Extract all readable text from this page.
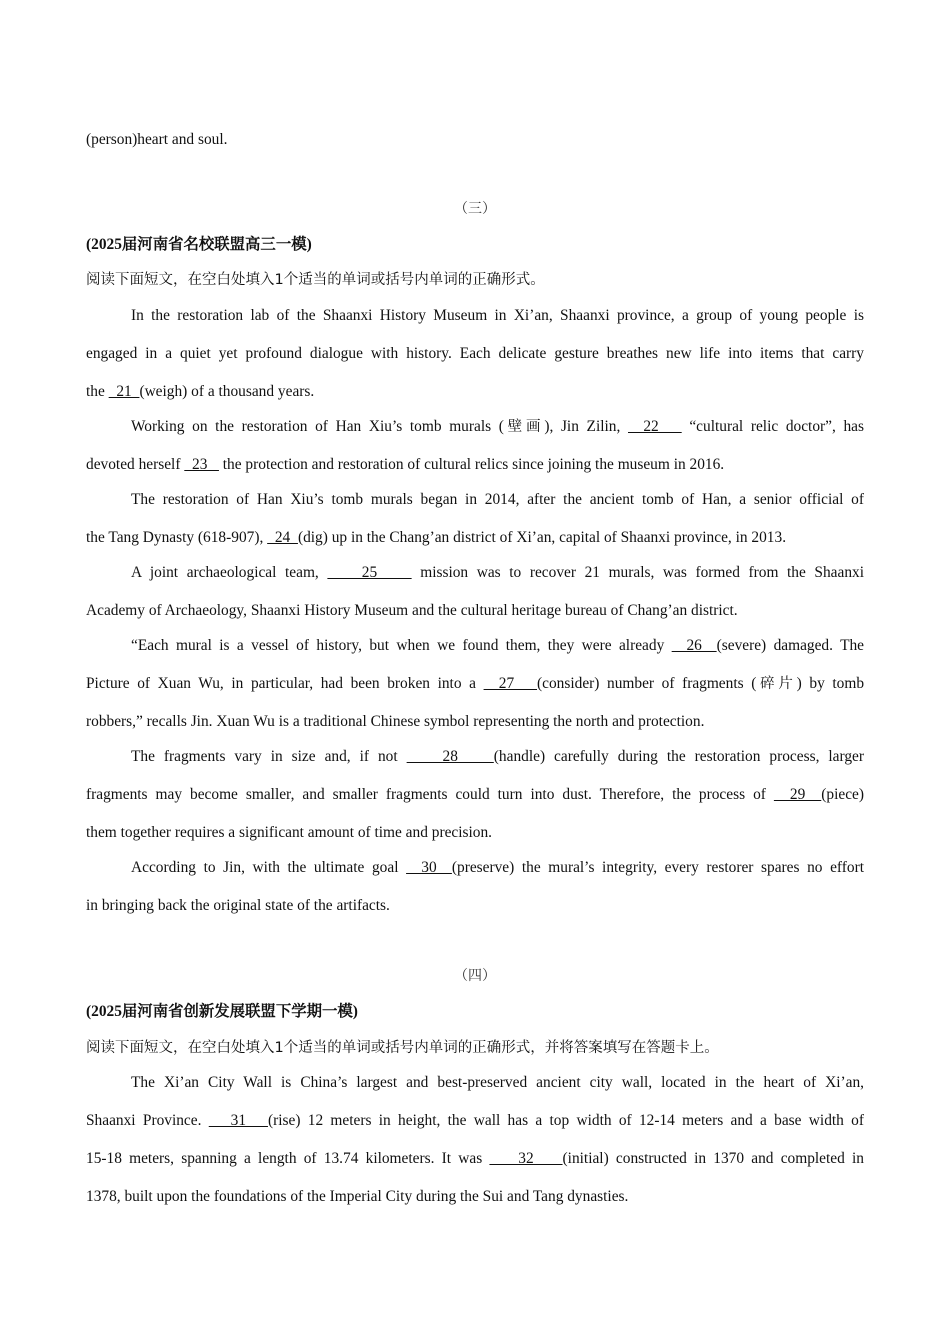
(person)heart and soul.
（三）
(2025届河南省名校联盟高三一模)
阅读下面短文，在空白处填入1个适当的单词或括号内单词的正确形式。
In the restoration lab of the Shaanxi History Museum in Xi’an, Shaanxi province, a group of young people is
engaged in a quiet yet profound dialogue with history. Each delicate gesture breathes new life into items that carry
the   21  (weigh) of a thousand years.
Working on the restoration of Han Xiu’s tomb murals (壁画), Jin Zilin,   22    “cultural relic doctor”, has
devoted herself   23    the protection and restoration of cultural relics since joining the museum in 2016.
The restoration of Han Xiu’s tomb murals began in 2014, after the ancient tomb of Han, a senior official of
the Tang Dynasty (618-907),   24  (dig) up in the Chang’an district of Xi’an, capital of Shaanxi province, in 2013.
A joint archaeological team,     25     mission was to recover 21 murals, was formed from the Shaanxi
Academy of Archaeology, Shaanxi History Museum and the cultural heritage bureau of Chang’an district.
“Each mural is a vessel of history, but when we found them, they were already   26  (severe) damaged. The
Picture of Xuan Wu, in particular, had been broken into a   27   (consider) number of fragments (碎片) by tomb
robbers,” recalls Jin. Xuan Wu is a traditional Chinese symbol representing the north and protection.
The fragments vary in size and, if not     28    (handle) carefully during the restoration process, larger
fragments may become smaller, and smaller fragments could turn into dust. Therefore, the process of   29  (piece)
them together requires a significant amount of time and precision.
According to Jin, with the ultimate goal   30  (preserve) the mural’s integrity, every restorer spares no effort
in bringing back the original state of the artifacts.
（四）
(2025届河南省创新发展联盟下学期一模)
阅读下面短文，在空白处填入1个适当的单词或括号内单词的正确形式，并将答案填写在答题卡上。
The Xi’an City Wall is China’s largest and best-preserved ancient city wall, located in the heart of Xi’an,
Shaanxi Province.    31   (rise) 12 meters in height, the wall has a top width of 12-14 meters and a base width of
15-18 meters, spanning a length of 13.74 kilometers. It was     32    (initial) constructed in 1370 and completed in
1378, built upon the foundations of the Imperial City during the Sui and Tang dynasties.
